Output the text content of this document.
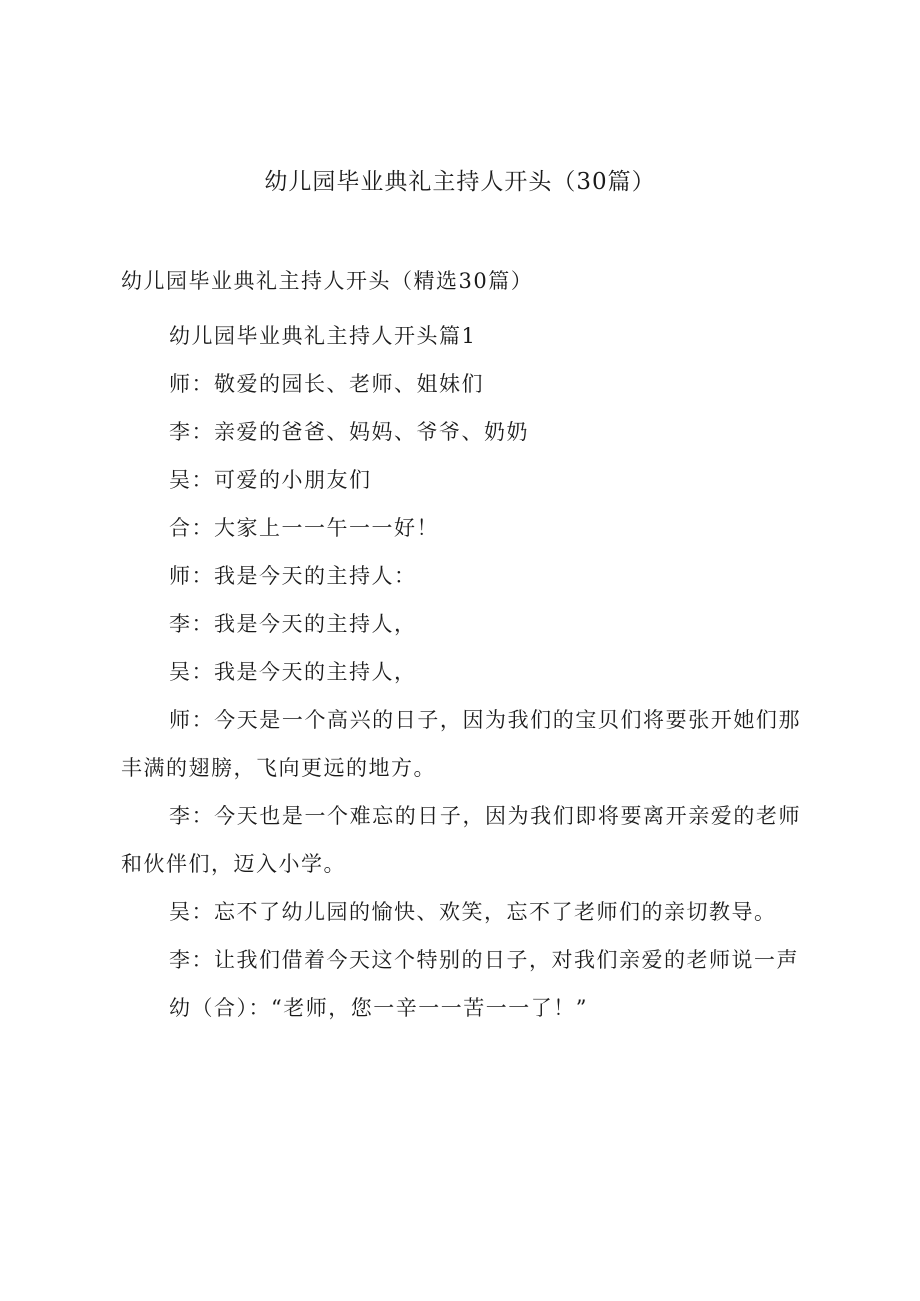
幼儿园毕业典礼主持人开头（30篇）

幼儿园毕业典礼主持人开头（精选30篇）

幼儿园毕业典礼主持人开头篇1

师：敬爱的园长、老师、姐妹们

李：亲爱的爸爸、妈妈、爷爷、奶奶

吴：可爱的小朋友们

合：大家上一一午一一好！

师：我是今天的主持人：

李：我是今天的主持人，

吴：我是今天的主持人，

师：今天是一个高兴的日子，因为我们的宝贝们将要张开她们那丰满的翅膀，飞向更远的地方。

李：今天也是一个难忘的日子，因为我们即将要离开亲爱的老师和伙伴们，迈入小学。

吴：忘不了幼儿园的愉快、欢笑，忘不了老师们的亲切教导。

李：让我们借着今天这个特别的日子，对我们亲爱的老师说一声

幼（合）：“老师，您一辛一一苦一一了！”
